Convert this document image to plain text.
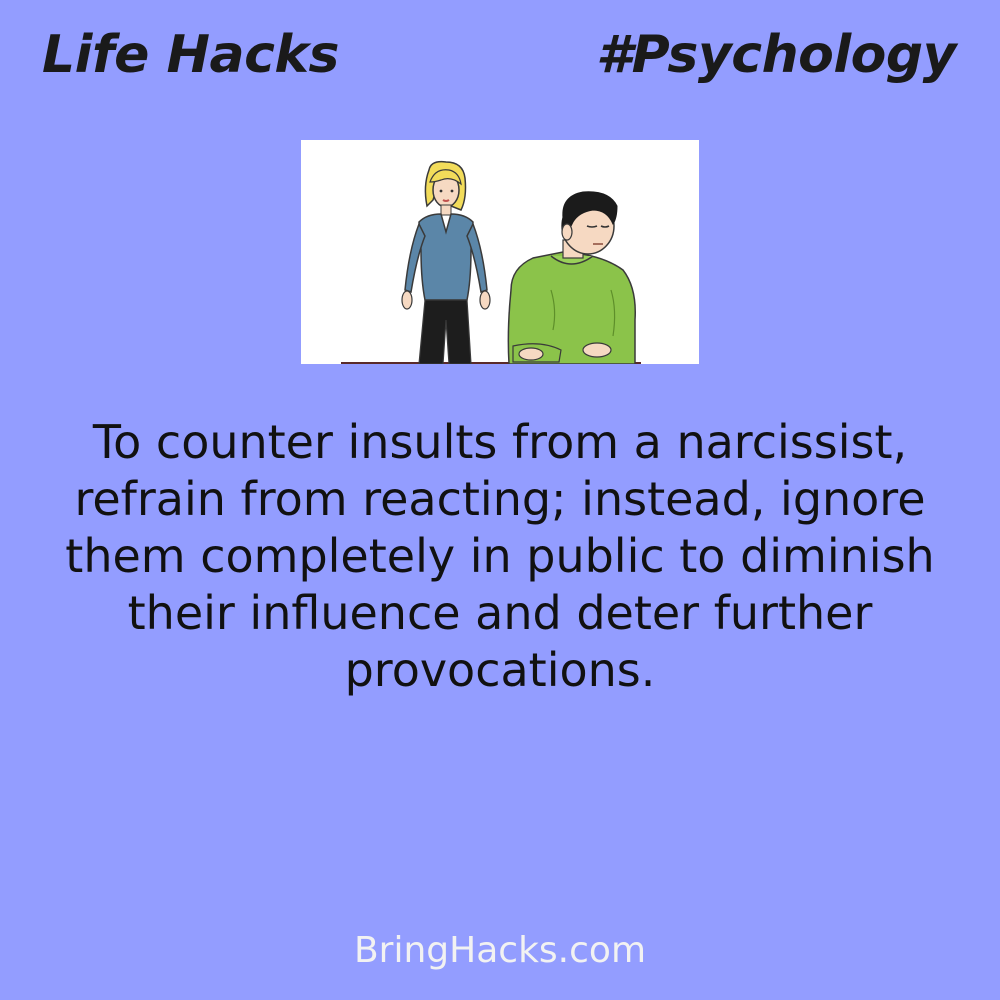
Life Hacks	#Psychology
To counter insults from a narcissist, refrain from reacting; instead, ignore them completely in public to diminish their influence and deter further provocations.
BringHacks.com
